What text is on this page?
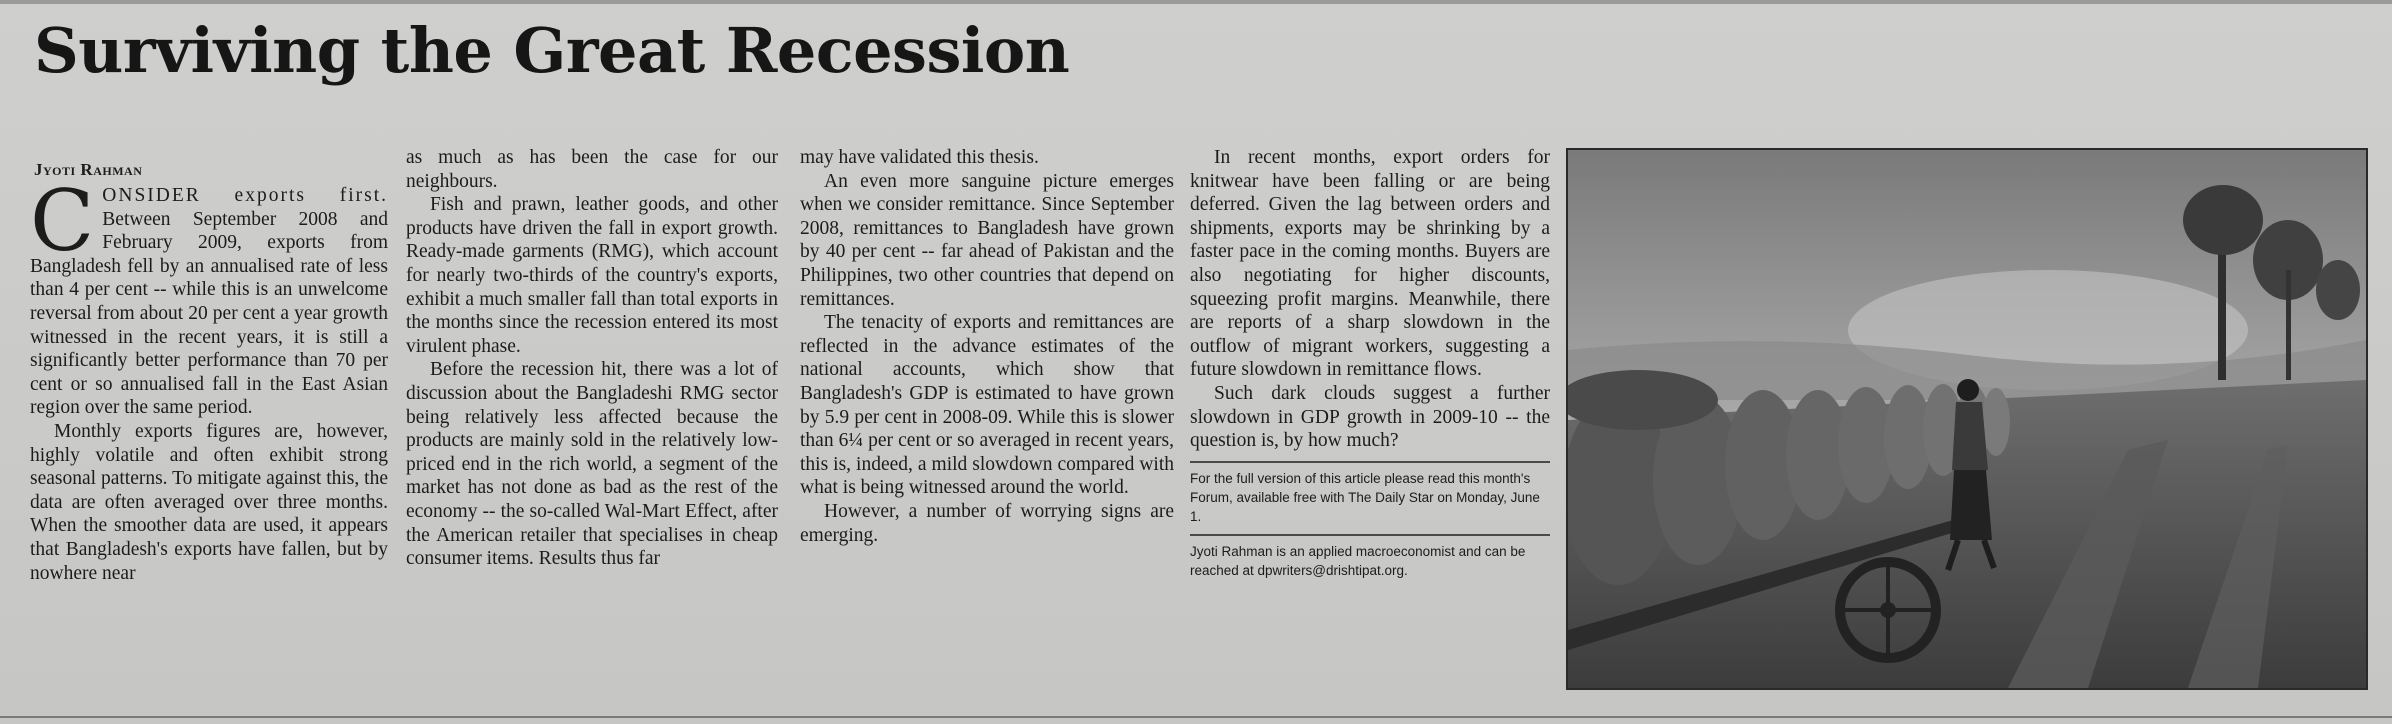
Surviving the Great Recession
Jyoti Rahman

C ONSIDER exports first. Between September 2008 and February 2009, exports from Bangladesh fell by an annualised rate of less than 4 per cent -- while this is an unwelcome reversal from about 20 per cent a year growth witnessed in the recent years, it is still a significantly better performance than 70 per cent or so annualised fall in the East Asian region over the same period.

Monthly exports figures are, however, highly volatile and often exhibit strong seasonal patterns. To mitigate against this, the data are often averaged over three months. When the smoother data are used, it appears that Bangladesh's exports have fallen, but by nowhere near

as much as has been the case for our neighbours.

Fish and prawn, leather goods, and other products have driven the fall in export growth. Ready-made garments (RMG), which account for nearly two-thirds of the country's exports, exhibit a much smaller fall than total exports in the months since the recession entered its most virulent phase.

Before the recession hit, there was a lot of discussion about the Bangladeshi RMG sector being relatively less affected because the products are mainly sold in the relatively low-priced end in the rich world, a segment of the market has not done as bad as the rest of the economy -- the so-called Wal-Mart Effect, after the American retailer that specialises in cheap consumer items. Results thus far

may have validated this thesis.

An even more sanguine picture emerges when we consider remittance. Since September 2008, remittances to Bangladesh have grown by 40 per cent -- far ahead of Pakistan and the Philippines, two other countries that depend on remittances.

The tenacity of exports and remittances are reflected in the advance estimates of the national accounts, which show that Bangladesh's GDP is estimated to have grown by 5.9 per cent in 2008-09. While this is slower than 6¼ per cent or so averaged in recent years, this is, indeed, a mild slowdown compared with what is being witnessed around the world.

However, a number of worrying signs are emerging.

In recent months, export orders for knitwear have been falling or are being deferred. Given the lag between orders and shipments, exports may be shrinking by a faster pace in the coming months. Buyers are also negotiating for higher discounts, squeezing profit margins. Meanwhile, there are reports of a sharp slowdown in the outflow of migrant workers, suggesting a future slowdown in remittance flows.

Such dark clouds suggest a further slowdown in GDP growth in 2009-10 -- the question is, by how much?

For the full version of this article please read this month's Forum, available free with The Daily Star on Monday, June 1.
Jyoti Rahman is an applied macroeconomist and can be reached at dpwriters@drishtipat.org.
